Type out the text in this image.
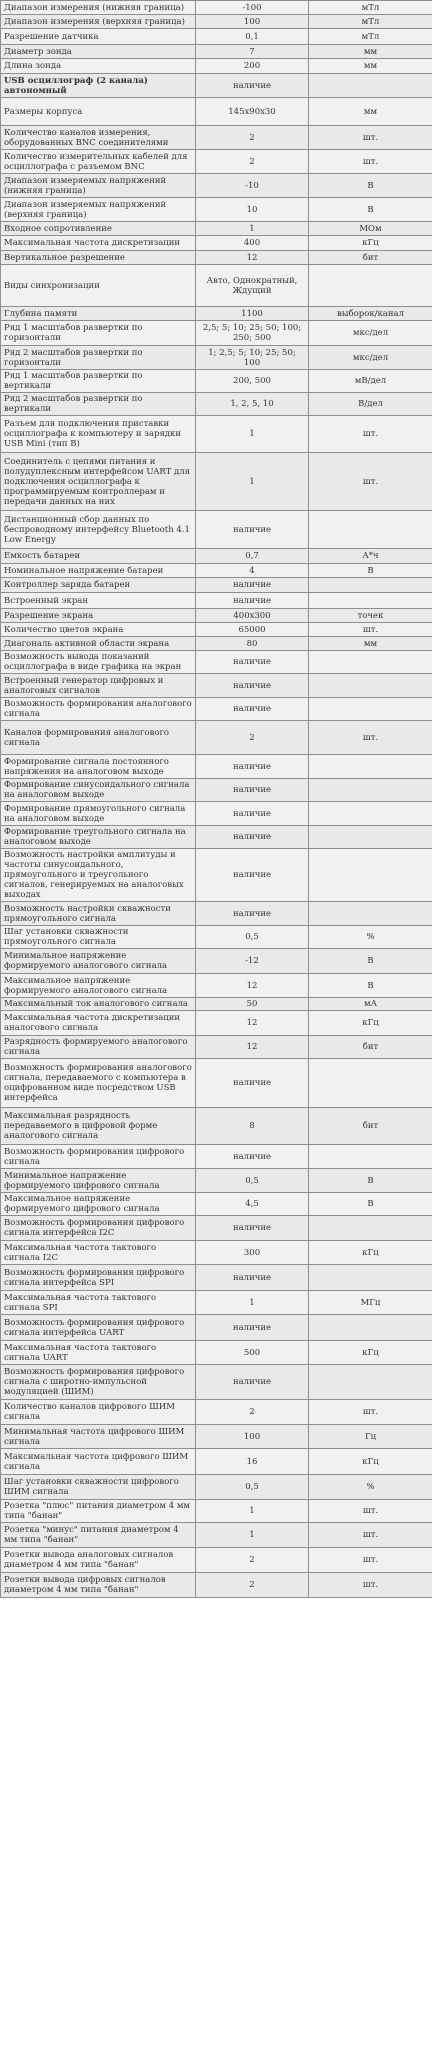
Диапазон измерения (нижняя граница)	-100	мТл
Диапазон измерения (верхняя граница)	100	мТл
Разрешение датчика	0,1	мТл
Диаметр зонда	7	мм
Длина зонда	200	мм
USB осциллограф (2 канала) автономный	наличие	
Размеры корпуса	145x90x30	мм
Количество каналов измерения, оборудованных BNC соединителями	2	шт.
Количество измерительных кабелей для осциллографа с разъемом BNC	2	шт.
Диапазон измеряемых напряжений (нижняя граница)	-10	В
Диапазон измеряемых напряжений (верхняя граница)	10	В
Входное сопротивление	1	МОм
Максимальная частота дискретизации	400	кГц
Вертикальное разрешение	12	бит
Виды синхронизации	Авто, Однократный, Ждущий	
Глубина памяти	1100	выборок/канал
Ряд 1 масштабов развертки по горизонтали	2,5; 5; 10; 25; 50; 100; 250; 500	мкс/дел
Ряд 2 масштабов развертки по горизонтали	1; 2,5; 5; 10; 25; 50; 100	мкс/дел
Ряд 1 масштабов развертки по вертикали	200, 500	мВ/дел
Ряд 2 масштабов развертки по вертикали	1, 2, 5, 10	В/дел
Разъем для подключения приставки осциллографа к компьютеру и зарядки USB Mini (тип B)	1	шт.
Соединитель с цепями питания и полудуплексным интерфейсом UART для подключения осциллографа к программируемым контроллерам и передачи данных на них	1	шт.
Дистанционный сбор данных по беспроводному интерфейсу Bluetooth 4.1 Low Energy	наличие	
Емкость батареи	0,7	А*ч
Номинальное напряжение батареи	4	В
Контроллер заряда батареи	наличие	
Встроенный экран	наличие	
Разрешение экрана	400x300	точек
Количество цветов экрана	65000	шт.
Диагональ активной области экрана	80	мм
Возможность вывода показаний осциллографа в виде графика на экран	наличие	
Встроенный генератор цифровых и аналоговых сигналов	наличие	
Возможность формирования аналогового сигнала	наличие	
Каналов формирования аналогового сигнала	2	шт.
Формирование сигнала постоянного напряжения на аналоговом выходе	наличие	
Формирование синусоидального сигнала на аналоговом выходе	наличие	
Формирование прямоугольного сигнала на аналоговом выходе	наличие	
Формирование треугольного сигнала на аналоговом выходе	наличие	
Возможность настройки амплитуды и частоты синусоидального, прямоугольного и треугольного сигналов, генерируемых на аналоговых выходах	наличие	
Возможность настройки скважности прямоугольного сигнала	наличие	
Шаг установки скважности прямоугольного сигнала	0,5	%
Минимальное напряжение формируемого аналогового сигнала	-12	В
Максимальное напряжение формируемого аналогового сигнала	12	В
Максимальный ток аналогового сигнала	50	мА
Максимальная частота дискретизации аналогового сигнала	12	кГц
Разрядность формируемого аналогового сигнала	12	бит
Возможность формирования аналогового сигнала, передаваемого с компьютера в оцифрованном виде посредством USB интерфейса	наличие	
Максимальная разрядность передаваемого в цифровой форме аналогового сигнала	8	бит
Возможность формирования цифрового сигнала	наличие	
Минимальное напряжение формируемого цифрового сигнала	0,5	В
Максимальное напряжение формируемого цифрового сигнала	4,5	В
Возможность формирования цифрового сигнала интерфейса I2C	наличие	
Максимальная частота тактового сигнала I2C	300	кГц
Возможность формирования цифрового сигнала интерфейса SPI	наличие	
Максимальная частота тактового сигнала SPI	1	МГц
Возможность формирования цифрового сигнала интерфейса UART	наличие	
Максимальная частота тактового сигнала UART	500	кГц
Возможность формирования цифрового сигнала с широтно-импульсной модуляцией (ШИМ)	наличие	
Количество каналов цифрового ШИМ сигнала	2	шт.
Минимальная частота цифрового ШИМ сигнала	100	Гц
Максимальная частота цифрового ШИМ сигнала	16	кГц
Шаг установки скважности цифрового ШИМ сигнала	0,5	%
Розетка "плюс" питания диаметром 4 мм типа "банан"	1	шт.
Розетка "минус" питания диаметром 4 мм типа "банан"	1	шт.
Розетки вывода аналоговых сигналов диаметром 4 мм типа "банан"	2	шт.
Розетки вывода цифровых сигналов диаметром 4 мм типа "банан"	2	шт.
